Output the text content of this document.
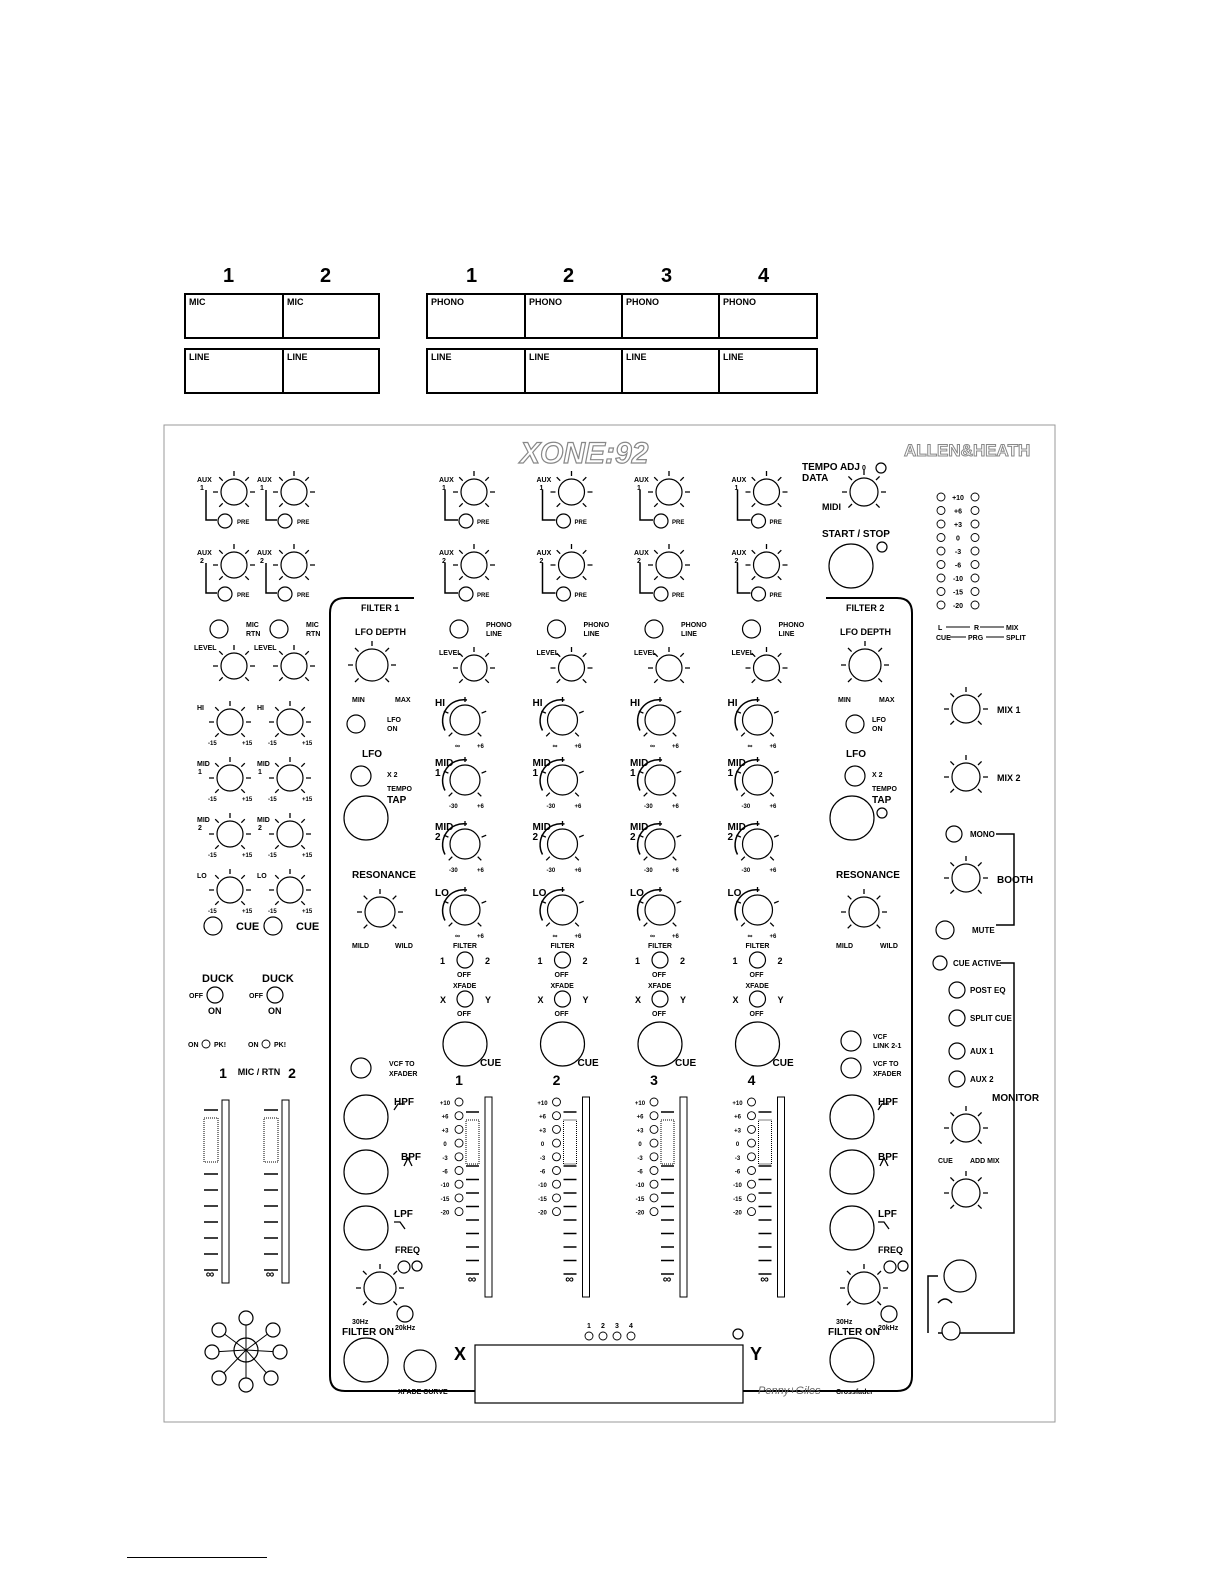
1	2	1	2	3	4
MIC	MIC
LINE	LINE
PHONO	PHONO	PHONO	PHONO
LINE	LINE	LINE	LINE
XONE:92	ALLEN&HEATH
TEMPO ADJ
DATA
0
MIDI
START / STOP
+10
+6
+3
0
-3
-6
-10
-15
-20
L	R	MIX
CUE PRG	SPLIT
MIX 1
MIX 2
MONO
BOOTH
MUTE
CUE ACTIVE
POST EQ
SPLIT CUE
AUX 1
AUX 2
MONITOR
CUE ADD MIX
AUX
1
PRE
AUX
2
PRE
MIC
RTN
LEVEL
HI
-15	+15
MID
1
-15	+15
MID
2
-15	+15
LO
-15	+15
CUE
DUCK
OFF
ON
ON PK!
∞
AUX
1
PRE
AUX
2
PRE
MIC
RTN
LEVEL
HI
-15	+15
MID
1
-15	+15
MID
2
-15	+15
LO
-15	+15
CUE
DUCK
OFF
ON
ON PK!
∞
1 MIC / RTN 2
FILTER 1
LFO DEPTH
MIN	MAX
LFO
ON
LFO
X 2
TEMPO
TAP
RESONANCE
MILD	WILD
VCF TO
XFADER
HPF
BPF
LPF
FREQ
30Hz
20kHz
FILTER ON
XFADE CURVE
FILTER 2
LFO DEPTH
MIN	MAX
LFO
ON
LFO
X 2
TEMPO
TAP
RESONANCE
MILD	WILD
VCF
LINK 2-1
VCF TO
XFADER
HPF
BPF
LPF
FREQ
30Hz
20kHz
FILTER ON
AUX
1
PRE
AUX
2
PRE
PHONO
LINE
LEVEL
HI
∞	+6
MID
1
-30	+6
MID
2
-30	+6
LO
∞	+6
FILTER
1	2
OFF
XFADE
X	Y
OFF
CUE
1
+10
+6
+3
0
-3
-6
-10
-15
-20
∞
AUX
1
PRE
AUX
2
PRE
PHONO
LINE
LEVEL
HI
∞	+6
MID
1
-30	+6
MID
2
-30	+6
LO
∞	+6
FILTER
1	2
OFF
XFADE
X	Y
OFF
CUE
2
+10
+6
+3
0
-3
-6
-10
-15
-20
∞
AUX
1
PRE
AUX
2
PRE
PHONO
LINE
LEVEL
HI
∞	+6
MID
1
-30	+6
MID
2
-30	+6
LO
∞	+6
FILTER
1	2
OFF
XFADE
X	Y
OFF
CUE
3
+10
+6
+3
0
-3
-6
-10
-15
-20
∞
AUX
1
PRE
AUX
2
PRE
PHONO
LINE
LEVEL
HI
∞	+6
MID
1
-30	+6
MID
2
-30	+6
LO
∞	+6
FILTER
1	2
OFF
XFADE
X	Y
OFF
CUE
4
+10
+6
+3
0
-3
-6
-10
-15
-20
∞
1 2 3 4
X	Y
Penny+Giles Crossfader
